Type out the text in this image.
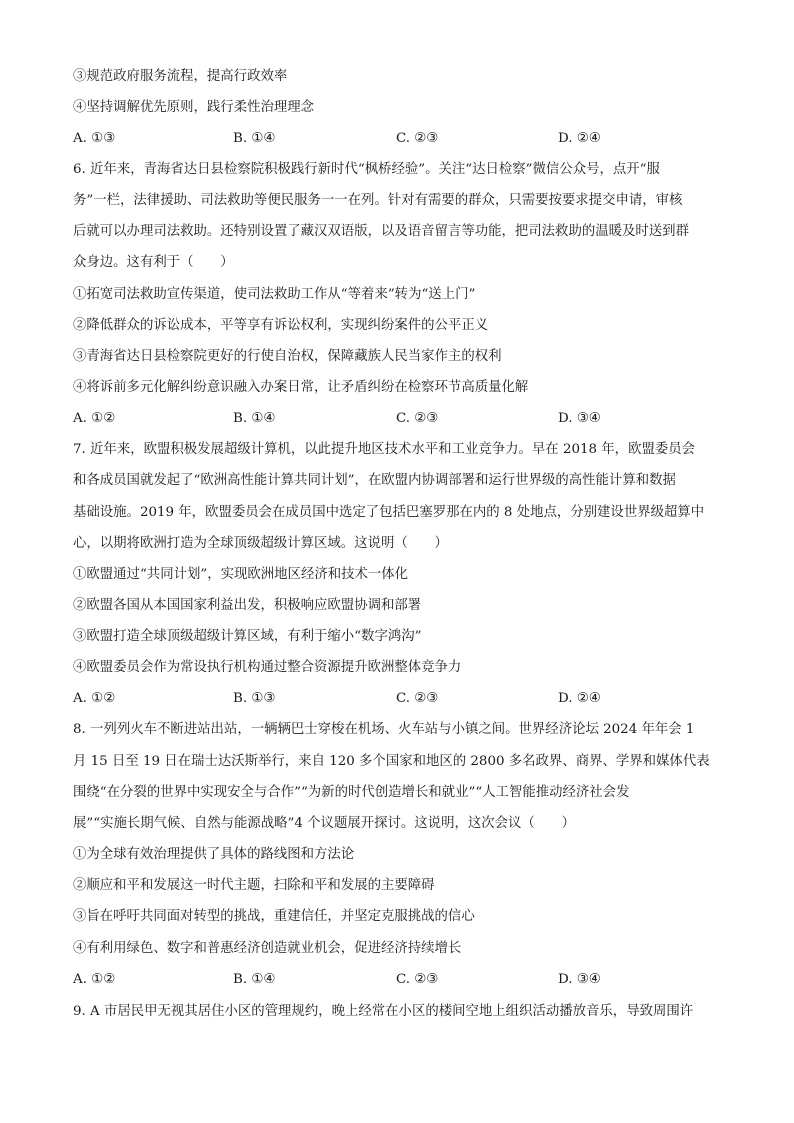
③规范政府服务流程，提高行政效率
④坚持调解优先原则，践行柔性治理理念
A. ①③	B. ①④	C. ②③	D. ②④
6. 近年来，青海省达日县检察院积极践行新时代“枫桥经验”。关注“达日检察”微信公众号，点开“服
务”一栏，法律援助、司法救助等便民服务一一在列。针对有需要的群众，只需要按要求提交申请，审核
后就可以办理司法救助。还特别设置了藏汉双语版，以及语音留言等功能，把司法救助的温暖及时送到群
众身边。这有利于（　　）
①拓宽司法救助宣传渠道，使司法救助工作从“等着来”转为“送上门”
②降低群众的诉讼成本，平等享有诉讼权利，实现纠纷案件的公平正义
③青海省达日县检察院更好的行使自治权，保障藏族人民当家作主的权利
④将诉前多元化解纠纷意识融入办案日常，让矛盾纠纷在检察环节高质量化解
A. ①②	B. ①④	C. ②③	D. ③④
7. 近年来，欧盟积极发展超级计算机，以此提升地区技术水平和工业竞争力。早在 2018 年，欧盟委员会
和各成员国就发起了“欧洲高性能计算共同计划”，在欧盟内协调部署和运行世界级的高性能计算和数据
基础设施。2019 年，欧盟委员会在成员国中选定了包括巴塞罗那在内的 8 处地点，分别建设世界级超算中
心，以期将欧洲打造为全球顶级超级计算区域。这说明（　　）
①欧盟通过“共同计划”，实现欧洲地区经济和技术一体化
②欧盟各国从本国国家利益出发，积极响应欧盟协调和部署
③欧盟打造全球顶级超级计算区域，有利于缩小“数字鸿沟”
④欧盟委员会作为常设执行机构通过整合资源提升欧洲整体竞争力
A. ①②	B. ①③	C. ②③	D. ②④
8. 一列列火车不断进站出站，一辆辆巴士穿梭在机场、火车站与小镇之间。世界经济论坛 2024 年年会 1
月 15 日至 19 日在瑞士达沃斯举行，来自 120 多个国家和地区的 2800 多名政界、商界、学界和媒体代表
围绕“在分裂的世界中实现安全与合作”“为新的时代创造增长和就业”“人工智能推动经济社会发
展”“实施长期气候、自然与能源战略”4 个议题展开探讨。这说明，这次会议（　　）
①为全球有效治理提供了具体的路线图和方法论
②顺应和平和发展这一时代主题，扫除和平和发展的主要障碍
③旨在呼吁共同面对转型的挑战，重建信任，并坚定克服挑战的信心
④有利用绿色、数字和普惠经济创造就业机会，促进经济持续增长
A. ①②	B. ①④	C. ②③	D. ③④
9. A 市居民甲无视其居住小区的管理规约，晚上经常在小区的楼间空地上组织活动播放音乐，导致周围许
